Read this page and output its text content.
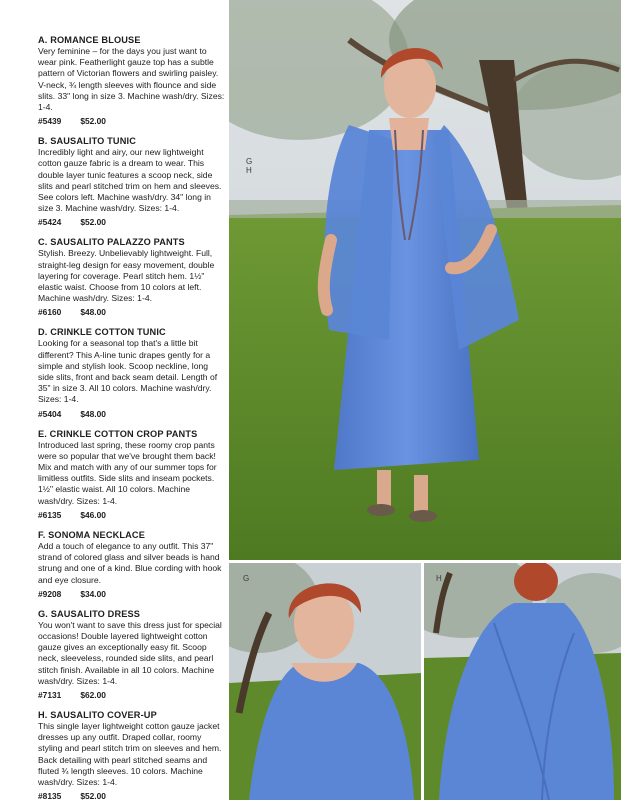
A. ROMANCE BLOUSE

Very feminine – for the days you just want to wear pink. Featherlight gauze top has a subtle pattern of Victorian flowers and swirling paisley. V-neck, ¾ length sleeves with flounce and side slits. 33" long in size 3. Machine wash/dry. Sizes: 1-4.

#5439 $52.00
B. SAUSALITO TUNIC

Incredibly light and airy, our new lightweight cotton gauze fabric is a dream to wear. This double layer tunic features a scoop neck, side slits and pearl stitched trim on hem and sleeves. See colors left. Machine wash/dry. 34" long in size 3. Machine wash/dry. Sizes: 1-4.

#5424 $52.00
C. SAUSALITO PALAZZO PANTS

Stylish. Breezy. Unbelievably lightweight. Full, straight-leg design for easy movement, double layering for coverage. Pearl stitch hem. 1½" elastic waist. Choose from 10 colors at left. Machine wash/dry. Sizes: 1-4.

#6160 $48.00
D. CRINKLE COTTON TUNIC

Looking for a seasonal top that's a little bit different? This A-line tunic drapes gently for a simple and stylish look. Scoop neckline, long side slits, front and back seam detail. Length of 35" in size 3. All 10 colors. Machine wash/dry. Sizes: 1-4.

#5404 $48.00
E. CRINKLE COTTON CROP PANTS

Introduced last spring, these roomy crop pants were so popular that we've brought them back! Mix and match with any of our summer tops for limitless outfits. Side slits and inseam pockets. 1½" elastic waist. All 10 colors. Machine wash/dry. Sizes: 1-4.

#6135 $46.00
F. SONOMA NECKLACE

Add a touch of elegance to any outfit. This 37" strand of colored glass and silver beads is hand strung and one of a kind. Blue cording with hook and eye closure.

#9208 $34.00
G. SAUSALITO DRESS

You won't want to save this dress just for special occasions! Double layered lightweight cotton gauze gives an exceptionally easy fit. Scoop neck, sleeveless, rounded side slits, and pearl stitch finish. Available in all 10 colors. Machine wash/dry. Sizes: 1-4.

#7131 $62.00
H. SAUSALITO COVER-UP

This single layer lightweight cotton gauze jacket dresses up any outfit. Draped collar, roomy styling and pearl stitch trim on sleeves and hem. Back detailing with pearl stitched seams and fluted ¾ length sleeves. 10 colors. Machine wash/dry. Sizes: 1-4.

#8135 $52.00
G
H
G	H
